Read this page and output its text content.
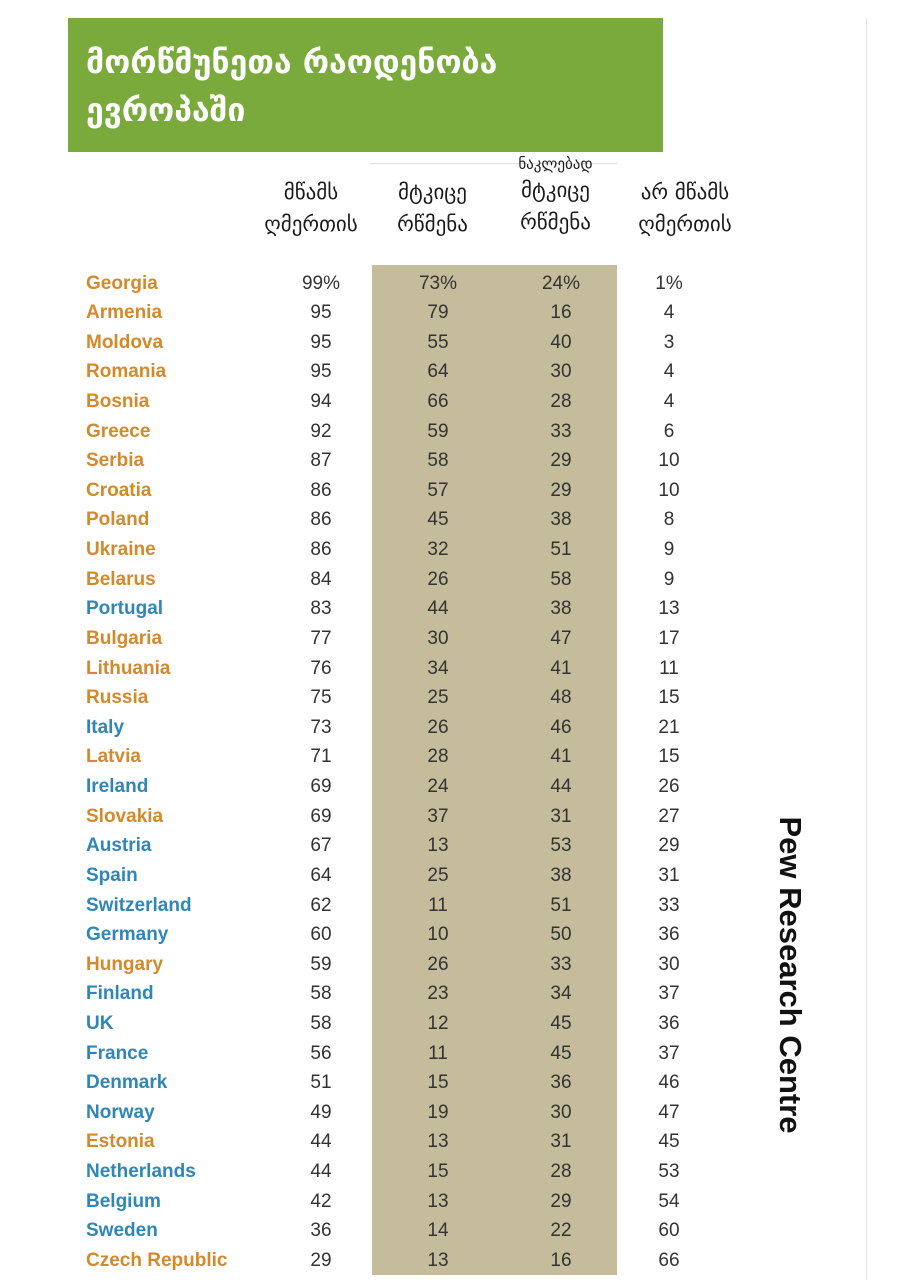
მორწმუნეთა რაოდენობა
ევროპაში
მწამს
ღმერთის
მტკიცე
რწმენა
ნაკლებად
მტკიცე
რწმენა
არ მწამს
ღმერთის
Georgia	99%	73%	24%	1%
Armenia	95	79	16	4
Moldova	95	55	40	3
Romania	95	64	30	4
Bosnia	94	66	28	4
Greece	92	59	33	6
Serbia	87	58	29	10
Croatia	86	57	29	10
Poland	86	45	38	8
Ukraine	86	32	51	9
Belarus	84	26	58	9
Portugal	83	44	38	13
Bulgaria	77	30	47	17
Lithuania	76	34	41	11
Russia	75	25	48	15
Italy	73	26	46	21
Latvia	71	28	41	15
Ireland	69	24	44	26
Slovakia	69	37	31	27
Austria	67	13	53	29
Spain	64	25	38	31
Switzerland	62	11	51	33
Germany	60	10	50	36
Hungary	59	26	33	30
Finland	58	23	34	37
UK	58	12	45	36
France	56	11	45	37
Denmark	51	15	36	46
Norway	49	19	30	47
Estonia	44	13	31	45
Netherlands	44	15	28	53
Belgium	42	13	29	54
Sweden	36	14	22	60
Czech Republic	29	13	16	66
Pew Research Centre
